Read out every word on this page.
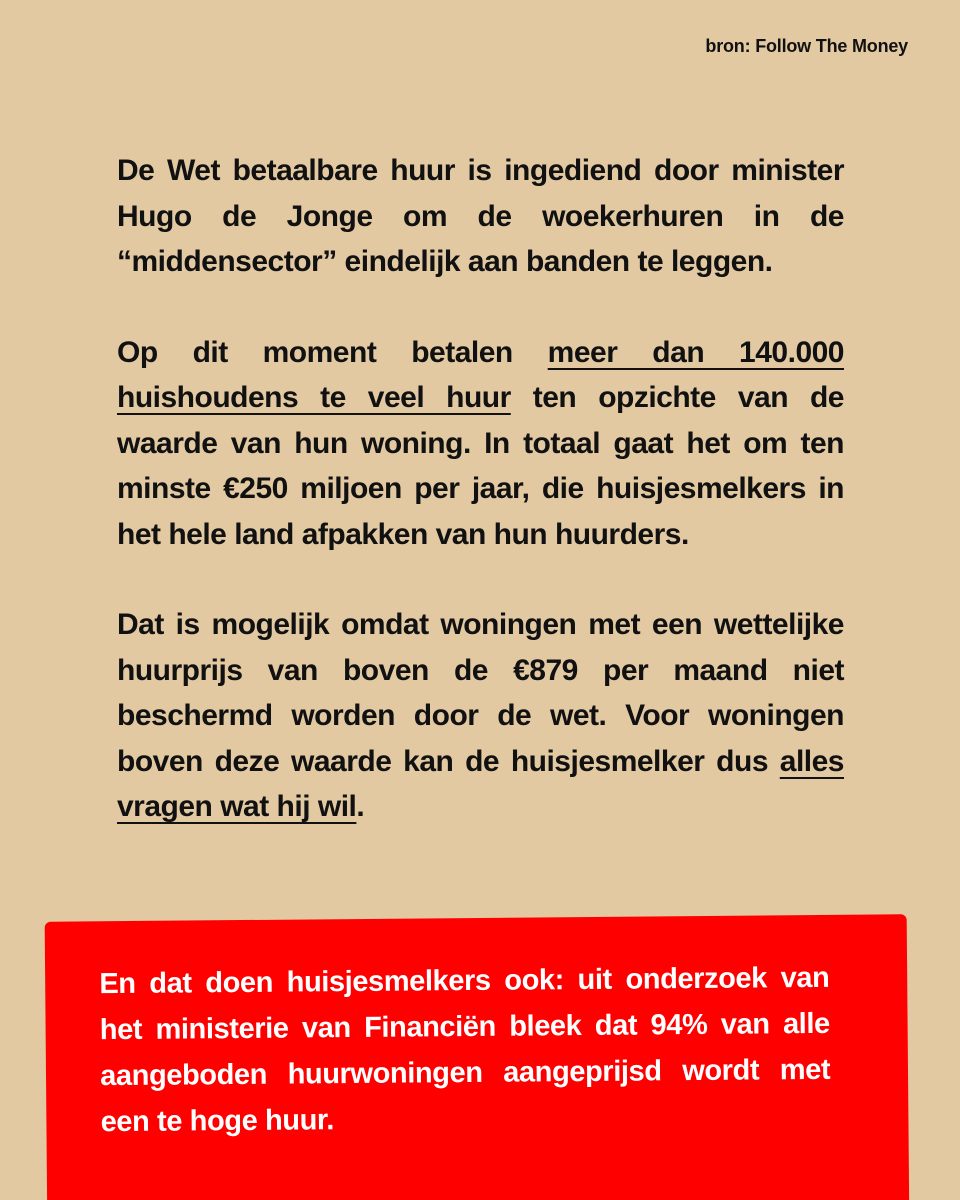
bron: Follow The Money

De Wet betaalbare huur is ingediend door minister Hugo de Jonge om de woekerhuren in de “middensector” eindelijk aan banden te leggen.

Op dit moment betalen meer dan 140.000 huishoudens te veel huur ten opzichte van de waarde van hun woning. In totaal gaat het om ten minste €250 miljoen per jaar, die huisjesmelkers in het hele land afpakken van hun huurders.

Dat is mogelijk omdat woningen met een wettelijke huurprijs van boven de €879 per maand niet beschermd worden door de wet. Voor woningen boven deze waarde kan de huisjesmelker dus alles vragen wat hij wil.

En dat doen huisjesmelkers ook: uit onderzoek van het ministerie van Financiën bleek dat 94% van alle aangeboden huurwoningen aangeprijsd wordt met een te hoge huur.
